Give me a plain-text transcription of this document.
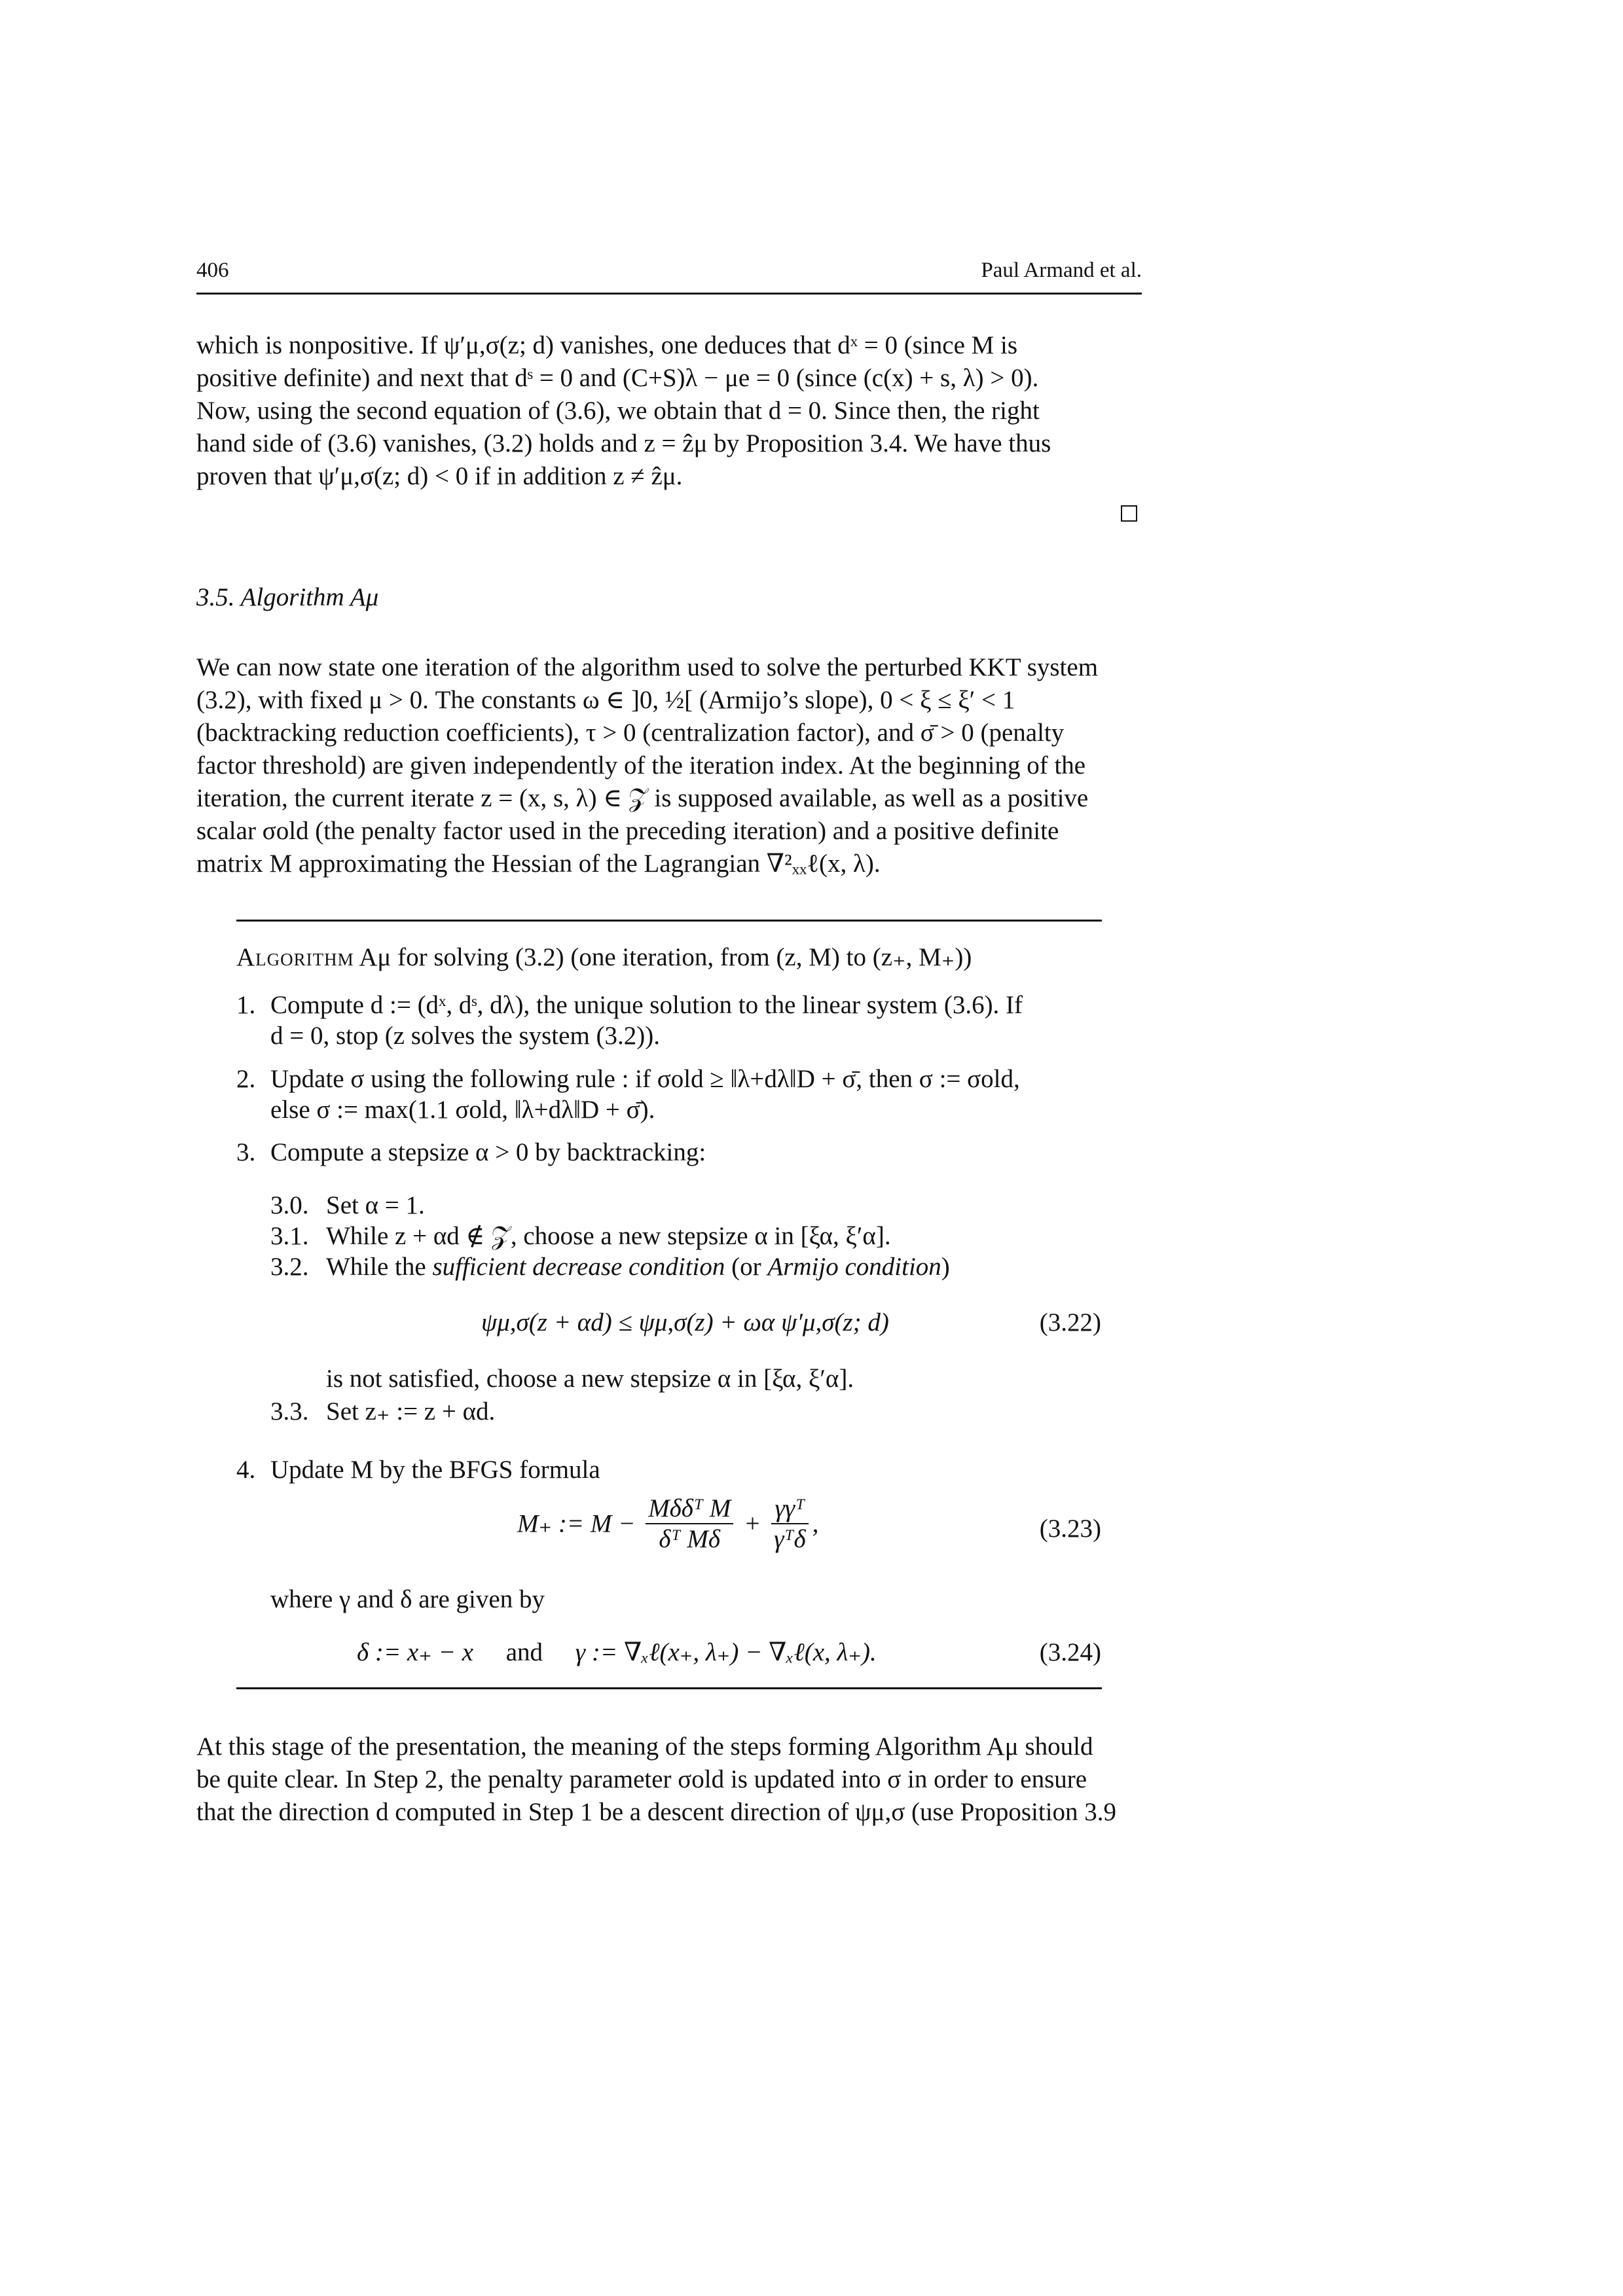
406	Paul Armand et al.
which is nonpositive. If ψ′μ,σ(z; d) vanishes, one deduces that dˣ = 0 (since M is
positive definite) and next that dˢ = 0 and (C+S)λ − μe = 0 (since (c(x) + s, λ) > 0).
Now, using the second equation of (3.6), we obtain that d = 0. Since then, the right
hand side of (3.6) vanishes, (3.2) holds and z = ẑμ by Proposition 3.4. We have thus
proven that ψ′μ,σ(z; d) < 0 if in addition z ≠ ẑμ.
3.5. Algorithm Aμ
We can now state one iteration of the algorithm used to solve the perturbed KKT system
(3.2), with fixed μ > 0. The constants ω ∈ ]0, ½[ (Armijo’s slope), 0 < ξ ≤ ξ′ < 1
(backtracking reduction coefficients), τ > 0 (centralization factor), and σ̄ > 0 (penalty
factor threshold) are given independently of the iteration index. At the beginning of the
iteration, the current iterate z = (x, s, λ) ∈ 𝒵 is supposed available, as well as a positive
scalar σold (the penalty factor used in the preceding iteration) and a positive definite
matrix M approximating the Hessian of the Lagrangian ∇²ₓₓℓ(x, λ).
Algorithm Aμ for solving (3.2) (one iteration, from (z, M) to (z₊, M₊))
1. Compute d := (dˣ, dˢ, dλ), the unique solution to the linear system (3.6). If
d = 0, stop (z solves the system (3.2)).
2. Update σ using the following rule : if σold ≥ ‖λ+dλ‖D + σ̄, then σ := σold,
else σ := max(1.1 σold, ‖λ+dλ‖D + σ̄).
3. Compute a stepsize α > 0 by backtracking:
3.0. Set α = 1.
3.1. While z + αd ∉ 𝒵, choose a new stepsize α in [ξα, ξ′α].
3.2. While the sufficient decrease condition (or Armijo condition)
ψμ,σ(z + αd) ≤ ψμ,σ(z) + ωα ψ′μ,σ(z; d)	(3.22)
is not satisfied, choose a new stepsize α in [ξα, ξ′α].
3.3. Set z₊ := z + αd.
4. Update M by the BFGS formula
M₊ := $M - \frac{\text{Mδδᵀ M}}{\text{δᵀ Mδ}} + \frac{\text{γγᵀ}}{\text{γᵀδ}}$ ,	(3.23)
where γ and δ are given by
δ := x₊ − x and γ := ∇ₓℓ(x₊, λ₊) − ∇ₓℓ(x, λ₊).	(3.24)
At this stage of the presentation, the meaning of the steps forming Algorithm Aμ should
be quite clear. In Step 2, the penalty parameter σold is updated into σ in order to ensure
that the direction d computed in Step 1 be a descent direction of ψμ,σ (use Proposition 3.9
